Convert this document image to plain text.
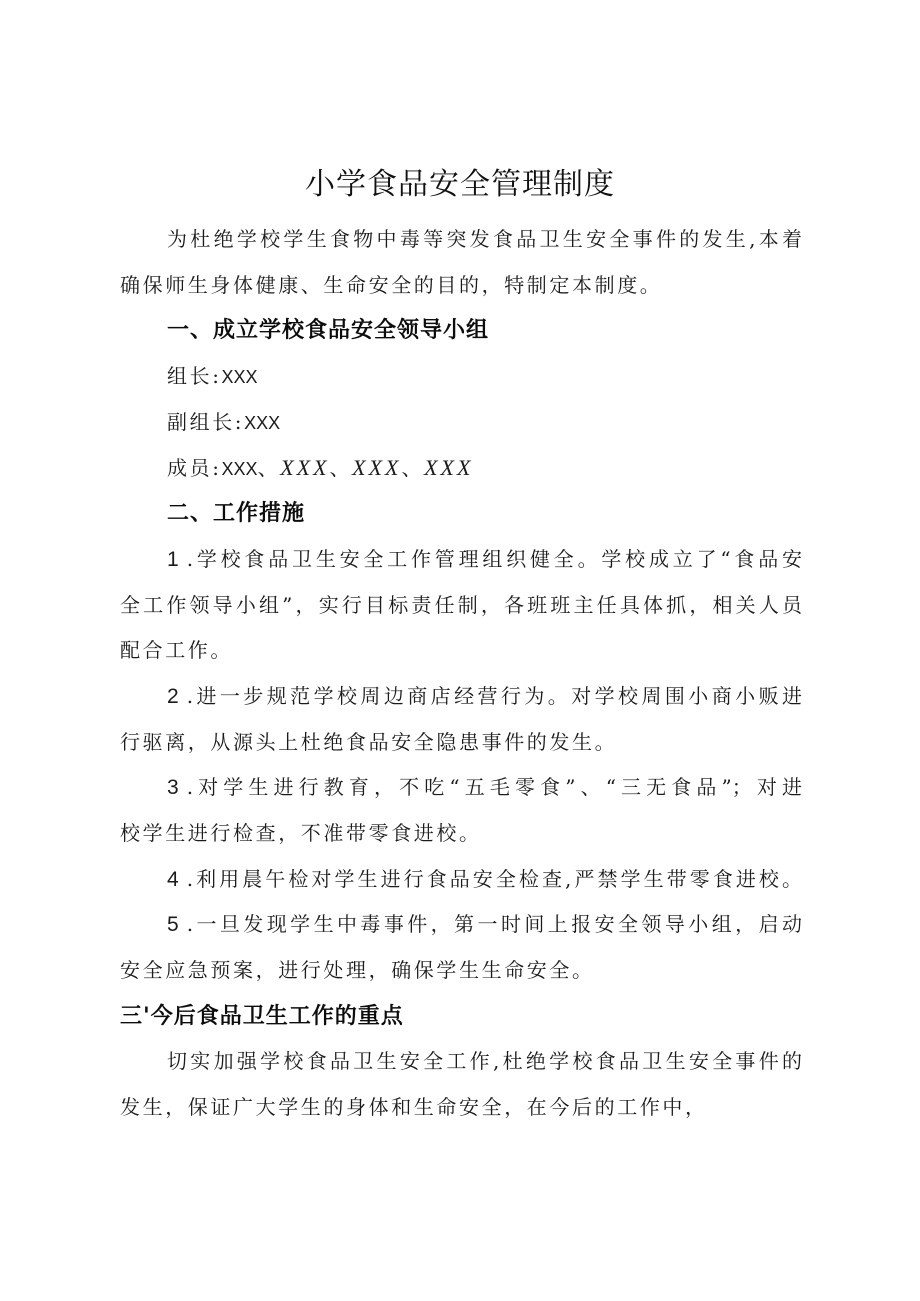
小学食品安全管理制度
为杜绝学校学生食物中毒等突发食品卫生安全事件的发生,本着
确保师生身体健康、生命安全的目的，特制定本制度。
一、成立学校食品安全领导小组
组长:XXX
副组长:XXX
成员:XXX、XXX、XXX、XXX
二、工作措施
1 .学校食品卫生安全工作管理组织健全。学校成立了“食品安
全工作领导小组”，实行目标责任制，各班班主任具体抓，相关人员
配合工作。
2 .进一步规范学校周边商店经营行为。对学校周围小商小贩进
行驱离，从源头上杜绝食品安全隐患事件的发生。
3 .对学生进行教育，不吃“五毛零食”、“三无食品”；对进
校学生进行检查，不准带零食进校。
4 .利用晨午检对学生进行食品安全检查,严禁学生带零食进校。
5 .一旦发现学生中毒事件，第一时间上报安全领导小组，启动
安全应急预案，进行处理，确保学生生命安全。
三'今后食品卫生工作的重点
切实加强学校食品卫生安全工作,杜绝学校食品卫生安全事件的
发生，保证广大学生的身体和生命安全，在今后的工作中，
